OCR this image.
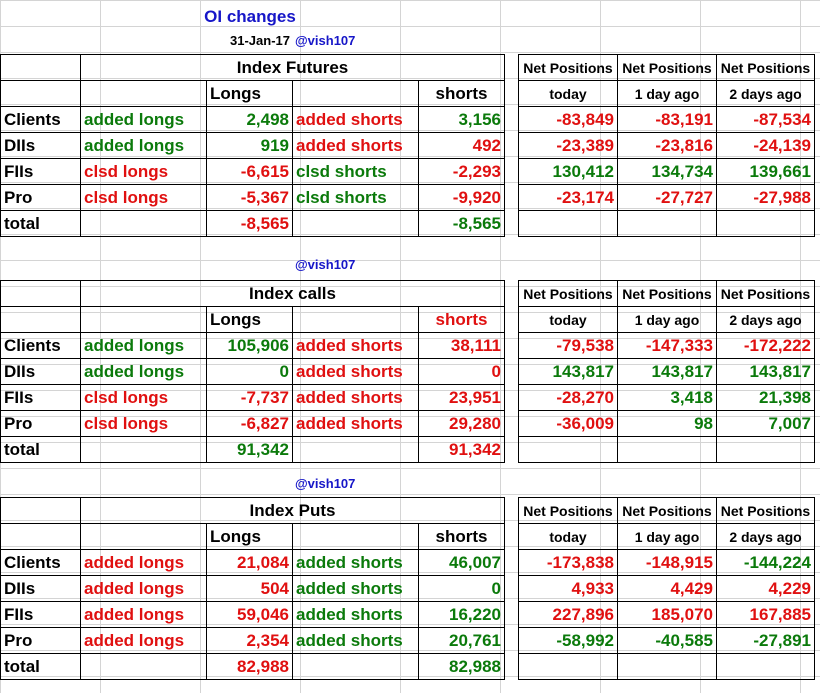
OI changes
31-Jan-17 @vish107
	Index Futures					Net Positions	Net Positions	Net Positions
		Longs		shorts		today	1 day ago	2 days ago
Clients	added longs	2,498	added shorts	3,156		-83,849	-83,191	-87,534
DIIs	added longs	919	added shorts	492		-23,389	-23,816	-24,139
FIIs	clsd longs	-6,615	clsd shorts	-2,293		130,412	134,734	139,661
Pro	clsd longs	-5,367	clsd shorts	-9,920		-23,174	-27,727	-27,988
total		-8,565		-8,565				
@vish107
	Index calls					Net Positions	Net Positions	Net Positions
		Longs		shorts		today	1 day ago	2 days ago
Clients	added longs	105,906	added shorts	38,111		-79,538	-147,333	-172,222
DIIs	added longs	0	added shorts	0		143,817	143,817	143,817
FIIs	clsd longs	-7,737	added shorts	23,951		-28,270	3,418	21,398
Pro	clsd longs	-6,827	added shorts	29,280		-36,009	98	7,007
total		91,342		91,342				
@vish107
	Index Puts					Net Positions	Net Positions	Net Positions
		Longs		shorts		today	1 day ago	2 days ago
Clients	added longs	21,084	added shorts	46,007		-173,838	-148,915	-144,224
DIIs	added longs	504	added shorts	0		4,933	4,429	4,229
FIIs	added longs	59,046	added shorts	16,220		227,896	185,070	167,885
Pro	added longs	2,354	added shorts	20,761		-58,992	-40,585	-27,891
total		82,988		82,988				
